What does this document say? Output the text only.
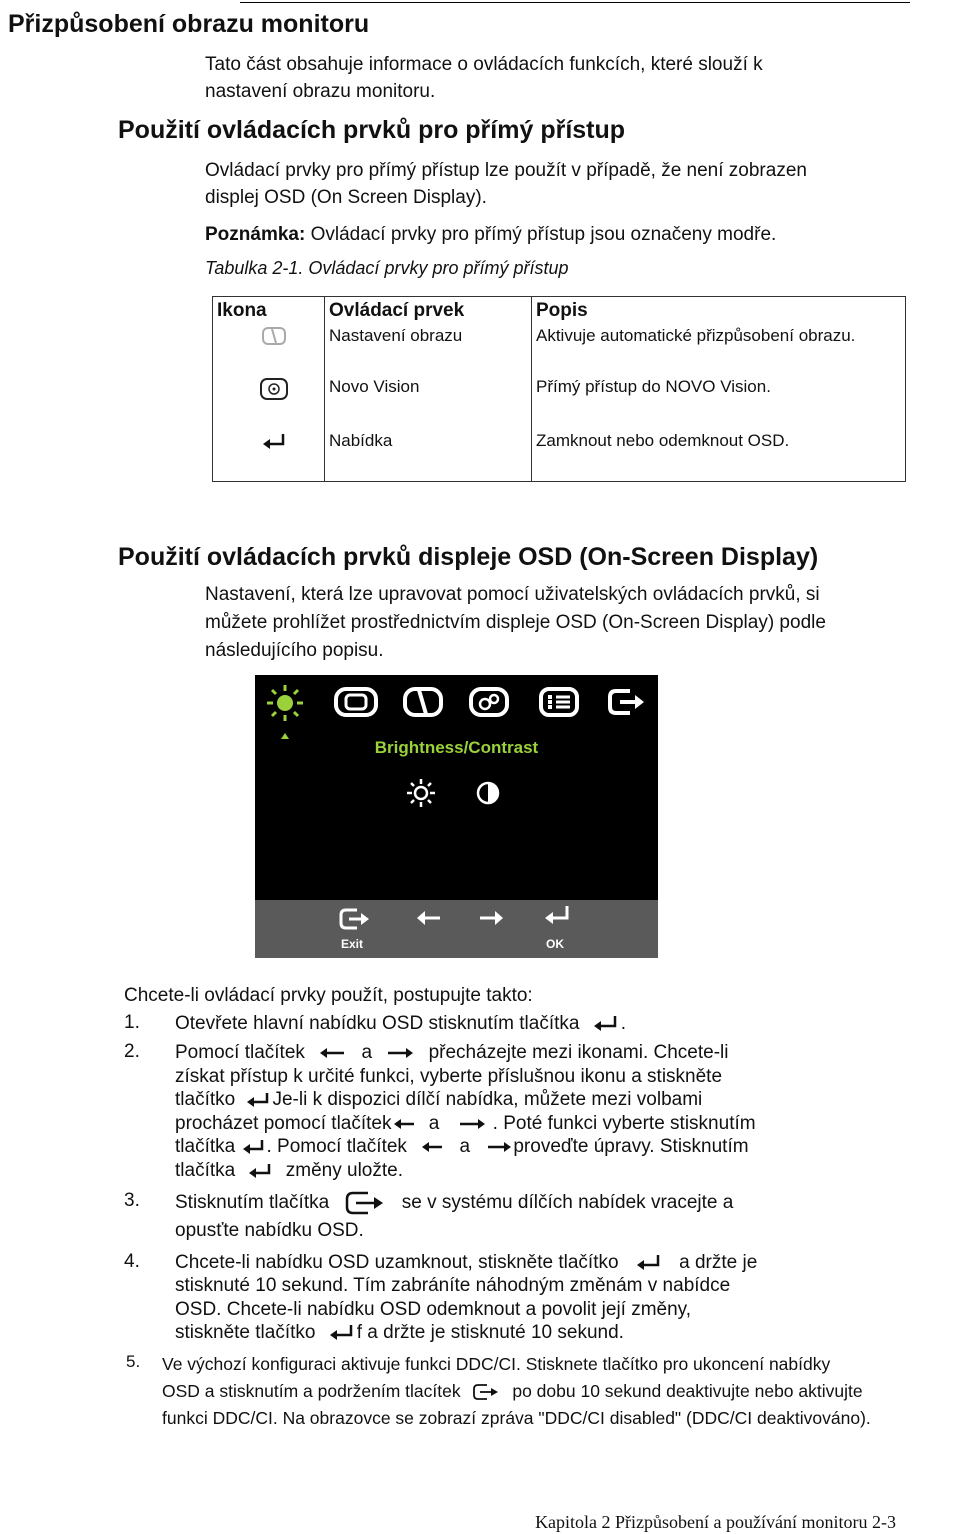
Přizpůsobení obrazu monitoru
Tato část obsahuje informace o ovládacích funkcích, které slouží k
nastavení obrazu monitoru.
Použití ovládacích prvků pro přímý přístup
Ovládací prvky pro přímý přístup lze použít v případě, že není zobrazen
displej OSD (On Screen Display).
Poznámka: Ovládací prvky pro přímý přístup jsou označeny modře.
Tabulka 2-1. Ovládací prvky pro přímý přístup
Ikona	Ovládací prvek	Popis
	Nastavení obrazu	Aktivuje automatické přizpůsobení obrazu.
	Novo Vision	Přímý přístup do NOVO Vision.
	Nabídka	Zamknout nebo odemknout OSD.
Použití ovládacích prvků displeje OSD (On-Screen Display)
Nastavení, která lze upravovat pomocí uživatelských ovládacích prvků, si
můžete prohlížet prostřednictvím displeje OSD (On-Screen Display) podle
následujícího popisu.
Brightness/Contrast
Exit	OK
Chcete-li ovládací prvky použít, postupujte takto:
1. Otevřete hlavní nabídku OSD stisknutím tlačítka .
2. Pomocí tlačítek	a	přecházejte mezi ikonami. Chcete-li
získat přístup k určité funkci, vyberte příslušnou ikonu a stiskněte
tlačítko Je-li k dispozici dílčí nabídka, můžete mezi volbami
procházet pomocí tlačítek a	. Poté funkci vyberte stisknutím
tlačítka . Pomocí tlačítek	a proveďte úpravy. Stisknutím
tlačítka	změny uložte.
3. Stisknutím tlačítka	se v systému dílčích nabídek vracejte a
opusťte nabídku OSD.
4. Chcete-li nabídku OSD uzamknout, stiskněte tlačítko	a držte je
stisknuté 10 sekund. Tím zabráníte náhodným změnám v nabídce
OSD. Chcete-li nabídku OSD odemknout a povolit její změny,
stiskněte tlačítko f a držte je stisknuté 10 sekund.
5. Ve výchozí konfiguraci aktivuje funkci DDC/CI. Stisknete tlačítko pro ukoncení nabídky
OSD a stisknutím a podržením tlacítek	po dobu 10 sekund deaktivujte nebo aktivujte
funkci DDC/CI. Na obrazovce se zobrazí zpráva "DDC/CI disabled" (DDC/CI deaktivováno).
Kapitola 2 Přizpůsobení a používání monitoru 2-3
